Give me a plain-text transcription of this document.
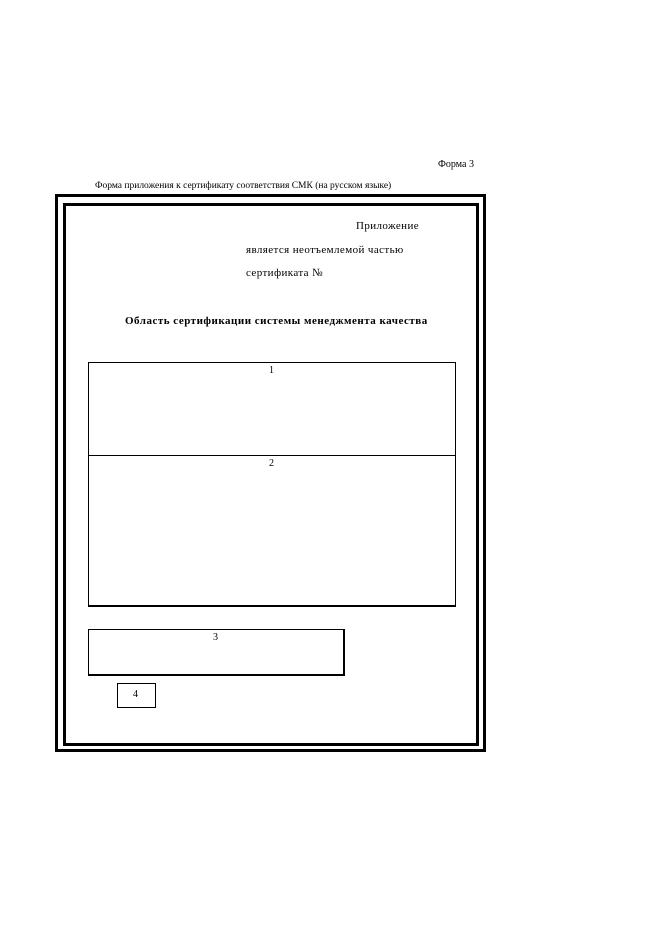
Форма 3
Форма приложения к сертификату соответствия СМК (на русском языке)
Приложение
является неотъемлемой частью
сертификата №
Область сертификации системы менеджмента качества
1
2
3
4
